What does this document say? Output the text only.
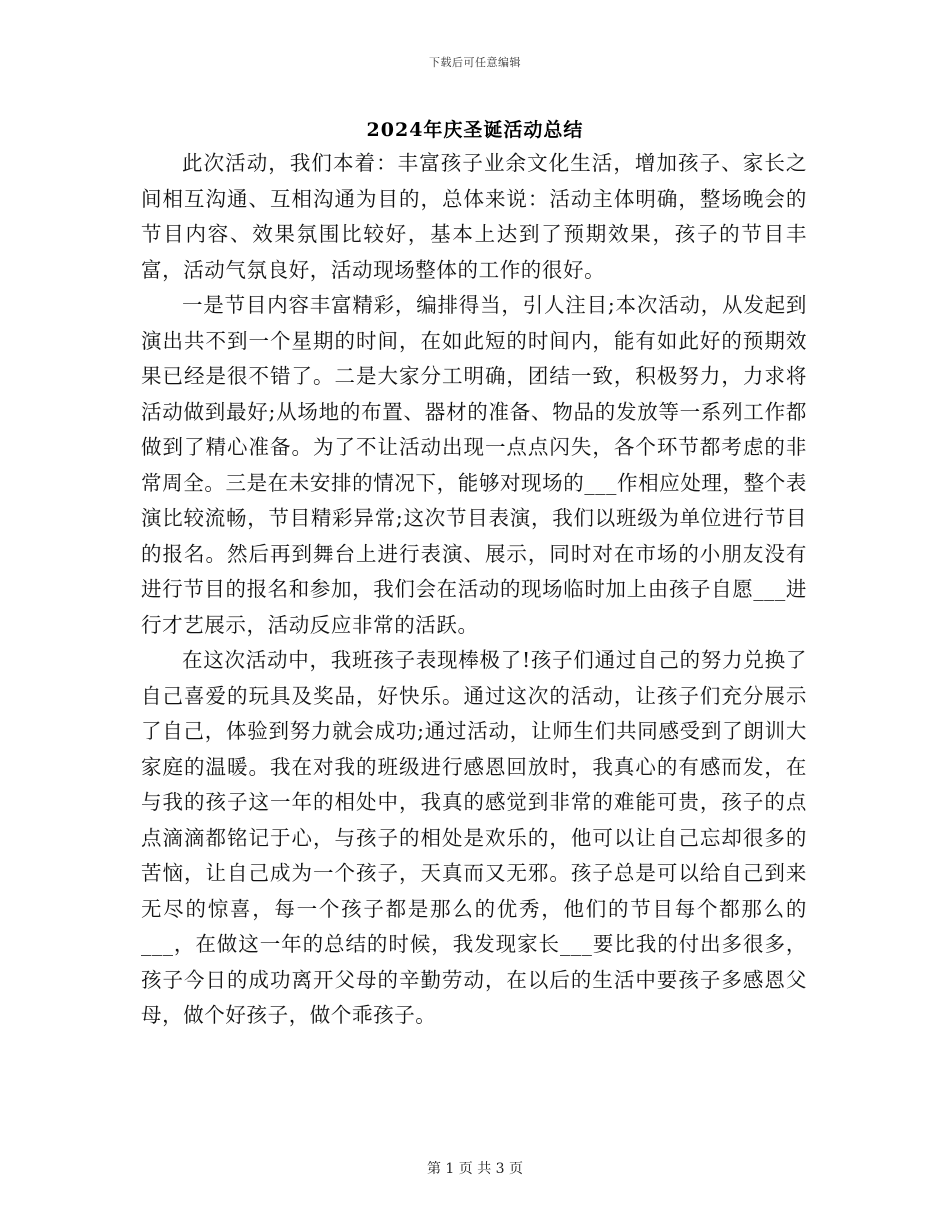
下载后可任意编辑
2024年庆圣诞活动总结

此次活动，我们本着：丰富孩子业余文化生活，增加孩子、家长之间相互沟通、互相沟通为目的，总体来说：活动主体明确，整场晚会的节目内容、效果氛围比较好，基本上达到了预期效果，孩子的节目丰富，活动气氛良好，活动现场整体的工作的很好。

一是节目内容丰富精彩，编排得当，引人注目;本次活动，从发起到演出共不到一个星期的时间，在如此短的时间内，能有如此好的预期效果已经是很不错了。二是大家分工明确，团结一致，积极努力，力求将活动做到最好;从场地的布置、器材的准备、物品的发放等一系列工作都做到了精心准备。为了不让活动出现一点点闪失，各个环节都考虑的非常周全。三是在未安排的情况下，能够对现场的___作相应处理，整个表演比较流畅，节目精彩异常;这次节目表演，我们以班级为单位进行节目的报名。然后再到舞台上进行表演、展示，同时对在市场的小朋友没有进行节目的报名和参加，我们会在活动的现场临时加上由孩子自愿___进行才艺展示，活动反应非常的活跃。

在这次活动中，我班孩子表现棒极了!孩子们通过自己的努力兑换了自己喜爱的玩具及奖品，好快乐。通过这次的活动，让孩子们充分展示了自己，体验到努力就会成功;通过活动，让师生们共同感受到了朗训大家庭的温暖。我在对我的班级进行感恩回放时，我真心的有感而发，在与我的孩子这一年的相处中，我真的感觉到非常的难能可贵，孩子的点点滴滴都铭记于心，与孩子的相处是欢乐的，他可以让自己忘却很多的苦恼，让自己成为一个孩子，天真而又无邪。孩子总是可以给自己到来无尽的惊喜，每一个孩子都是那么的优秀，他们的节目每个都那么的___，在做这一年的总结的时候，我发现家长___要比我的付出多很多，孩子今日的成功离开父母的辛勤劳动，在以后的生活中要孩子多感恩父母，做个好孩子，做个乖孩子。

第 1 页 共 3 页
